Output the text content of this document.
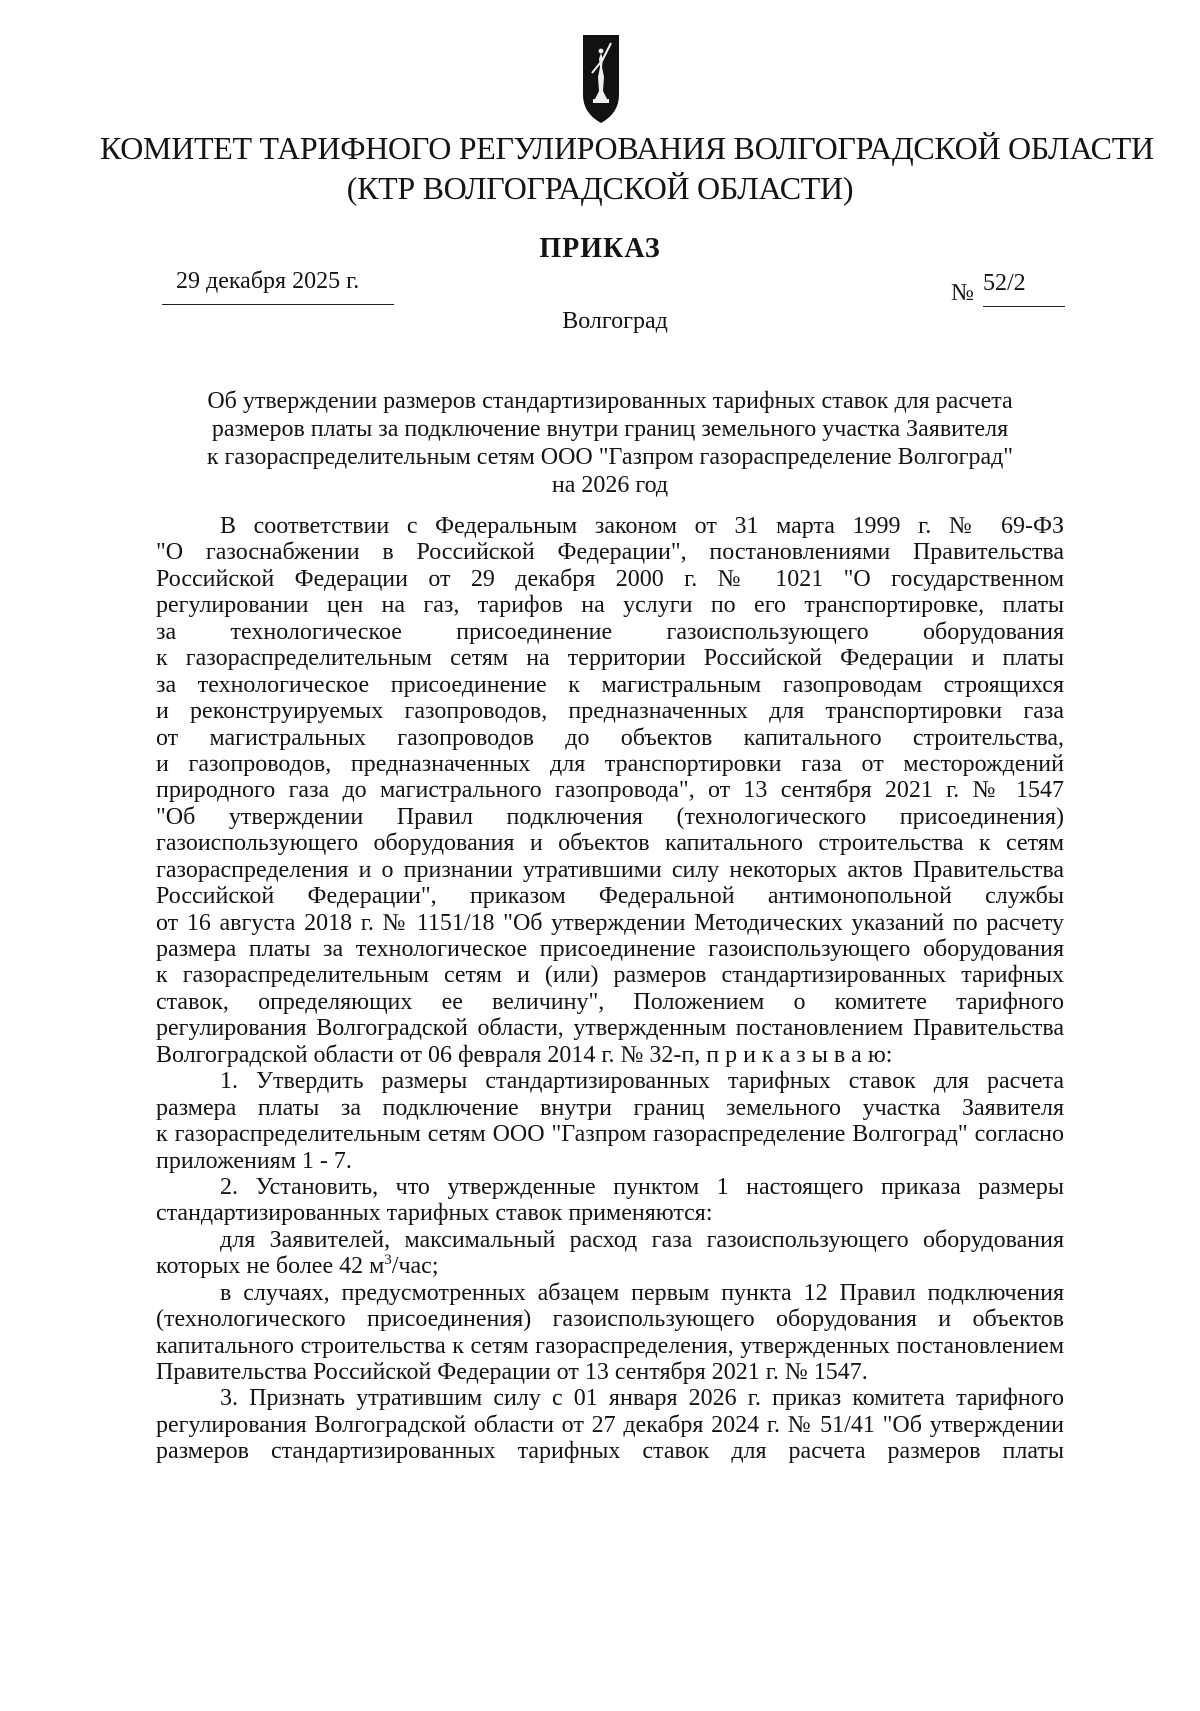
КОМИТЕТ ТАРИФНОГО РЕГУЛИРОВАНИЯ ВОЛГОГРАДСКОЙ ОБЛАСТИ
(КТР ВОЛГОГРАДСКОЙ ОБЛАСТИ)
ПРИКАЗ
29 декабря 2025 г.	№ 52/2
Волгоград
Об утверждении размеров стандартизированных тарифных ставок для расчета
размеров платы за подключение внутри границ земельного участка Заявителя
к газораспределительным сетям ООО "Газпром газораспределение Волгоград"
на 2026 год
В соответствии с Федеральным законом от 31 марта 1999 г. № 69-ФЗ
"О газоснабжении в Российской Федерации", постановлениями Правительства
Российской Федерации от 29 декабря 2000 г. № 1021 "О государственном
регулировании цен на газ, тарифов на услуги по его транспортировке, платы
за технологическое присоединение газоиспользующего оборудования
к газораспределительным сетям на территории Российской Федерации и платы
за технологическое присоединение к магистральным газопроводам строящихся
и реконструируемых газопроводов, предназначенных для транспортировки газа
от магистральных газопроводов до объектов капитального строительства,
и газопроводов, предназначенных для транспортировки газа от месторождений
природного газа до магистрального газопровода", от 13 сентября 2021 г. № 1547
"Об утверждении Правил подключения (технологического присоединения)
газоиспользующего оборудования и объектов капитального строительства к сетям
газораспределения и о признании утратившими силу некоторых актов Правительства
Российской Федерации", приказом Федеральной антимонопольной службы
от 16 августа 2018 г. № 1151/18 "Об утверждении Методических указаний по расчету
размера платы за технологическое присоединение газоиспользующего оборудования
к газораспределительным сетям и (или) размеров стандартизированных тарифных
ставок, определяющих ее величину", Положением о комитете тарифного
регулирования Волгоградской области, утвержденным постановлением Правительства
Волгоградской области от 06 февраля 2014 г. № 32-п, п р и к а з ы в а ю:
1. Утвердить размеры стандартизированных тарифных ставок для расчета
размера платы за подключение внутри границ земельного участка Заявителя
к газораспределительным сетям ООО "Газпром газораспределение Волгоград" согласно
приложениям 1 - 7.
2. Установить, что утвержденные пунктом 1 настоящего приказа размеры
стандартизированных тарифных ставок применяются:
для Заявителей, максимальный расход газа газоиспользующего оборудования
которых не более 42 $м^3$/час;
в случаях, предусмотренных абзацем первым пункта 12 Правил подключения
(технологического присоединения) газоиспользующего оборудования и объектов
капитального строительства к сетям газораспределения, утвержденных постановлением
Правительства Российской Федерации от 13 сентября 2021 г. № 1547.
3. Признать утратившим силу с 01 января 2026 г. приказ комитета тарифного
регулирования Волгоградской области от 27 декабря 2024 г. № 51/41 "Об утверждении
размеров стандартизированных тарифных ставок для расчета размеров платы
